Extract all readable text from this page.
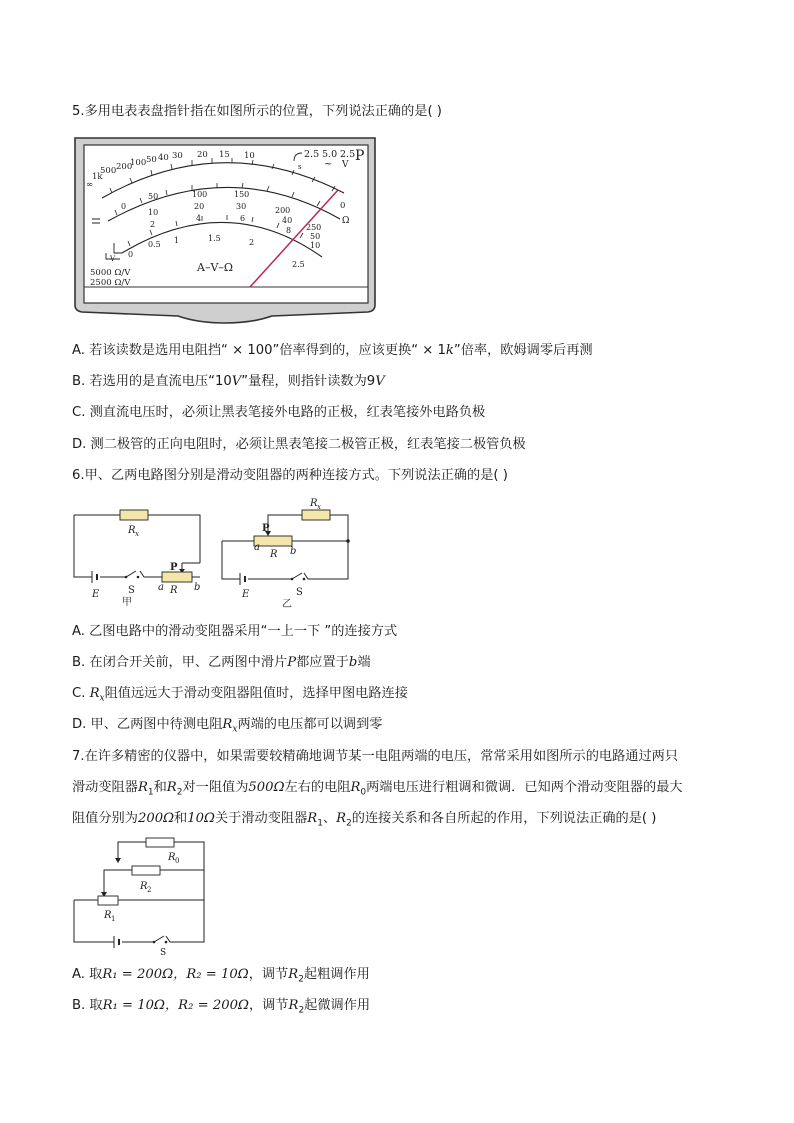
5.多用电表表盘指针指在如图所示的位置，下列说法正确的是( )
∞
1k
500 200
100 50 40 30 20 15 10
0
2.5 5.0 2.5 P
~ V
s
Ω
0
50	100	150
200
250
10
20	30
40
50
2
4	6
8
10
0
0.5 1	1.5	2
2.5
V
A–V–Ω
5000 Ω/V
2500 Ω/V
A. 若该读数是选用电阻挡“ × 100”倍率得到的，应该更换“ × 1k”倍率，欧姆调零后再测
B. 若选用的是直流电压“10V”量程，则指针读数为9V
C. 测直流电压时，必须让黑表笔接外电路的正极，红表笔接外电路负极
D. 测二极管的正向电阻时，必须让黑表笔接二极管正极，红表笔接二极管负极
6.甲、乙两电路图分别是滑动变阻器的两种连接方式。下列说法正确的是( )
R x
E	R
a	b
S
P
甲
R x
a
R b
E
P
S
乙
A. 乙图电路中的滑动变阻器采用“一上一下 ”的连接方式
B. 在闭合开关前，甲、乙两图中滑片P都应置于b端
C. $R_x$阻值远远大于滑动变阻器阻值时，选择甲图电路连接
D. 甲、乙两图中待测电阻$R_x$两端的电压都可以调到零
7.在许多精密的仪器中，如果需要较精确地调节某一电阻两端的电压，常常采用如图所示的电路通过两只
滑动变阻器$R_1$和$R_2$对一阻值为500Ω左右的电阻$R_0$两端电压进行粗调和微调．已知两个滑动变阻器的最大
阻值分别为200Ω和10Ω关于滑动变阻器$R_1$、$R_2$的连接关系和各自所起的作用，下列说法正确的是( )
R
R
R
0
2
1
S
A. 取R₁ = 200Ω，R₂ = 10Ω，调节$R_2$起粗调作用
B. 取R₁ = 10Ω，R₂ = 200Ω，调节$R_2$起微调作用
